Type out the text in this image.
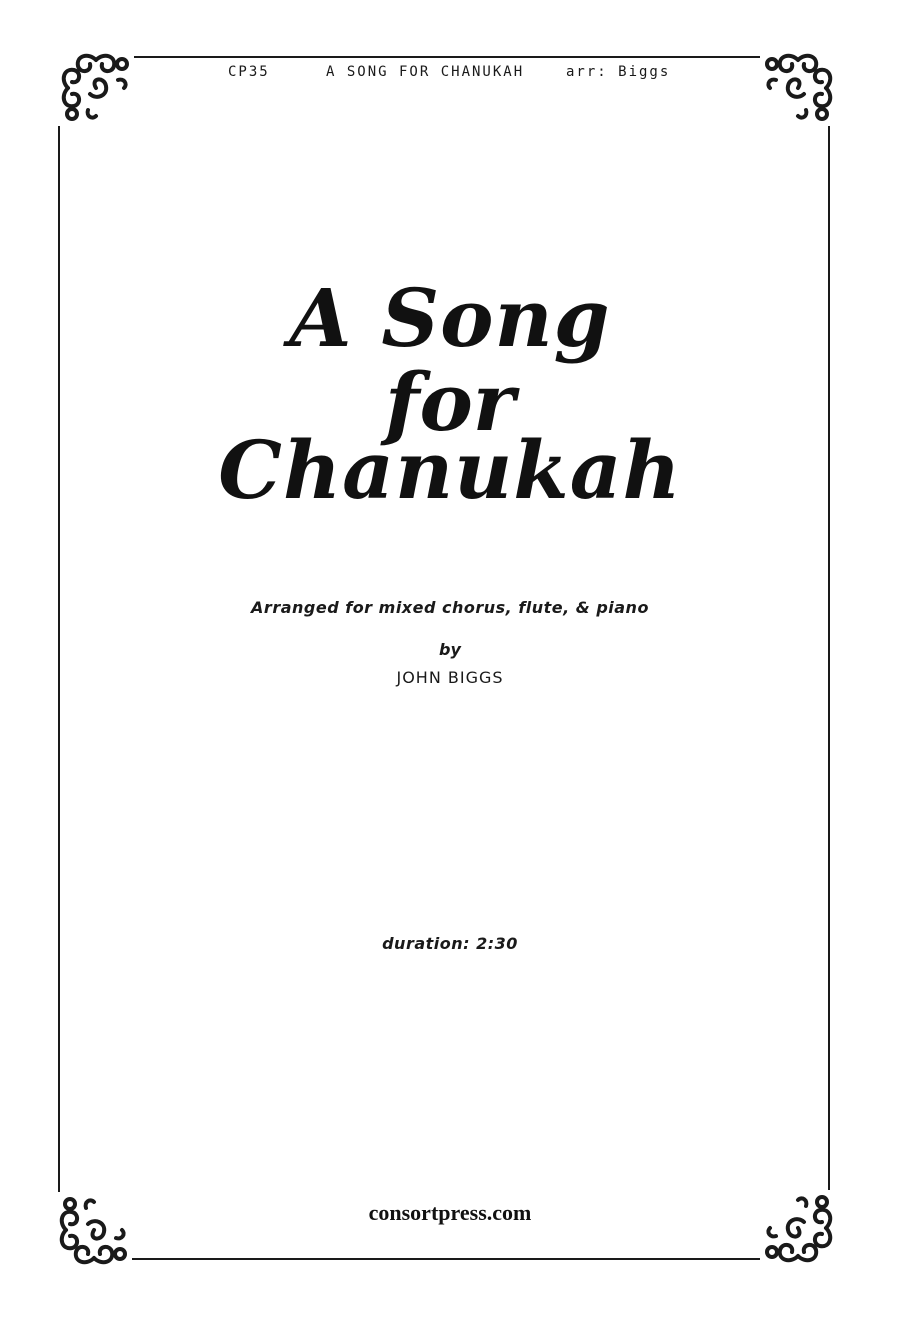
CP35	A SONG FOR CHANUKAH	arr: Biggs
A Song
for
Chanukah
Arranged for mixed chorus, flute, & piano
by
JOHN BIGGS
duration: 2:30
consortpress.com
